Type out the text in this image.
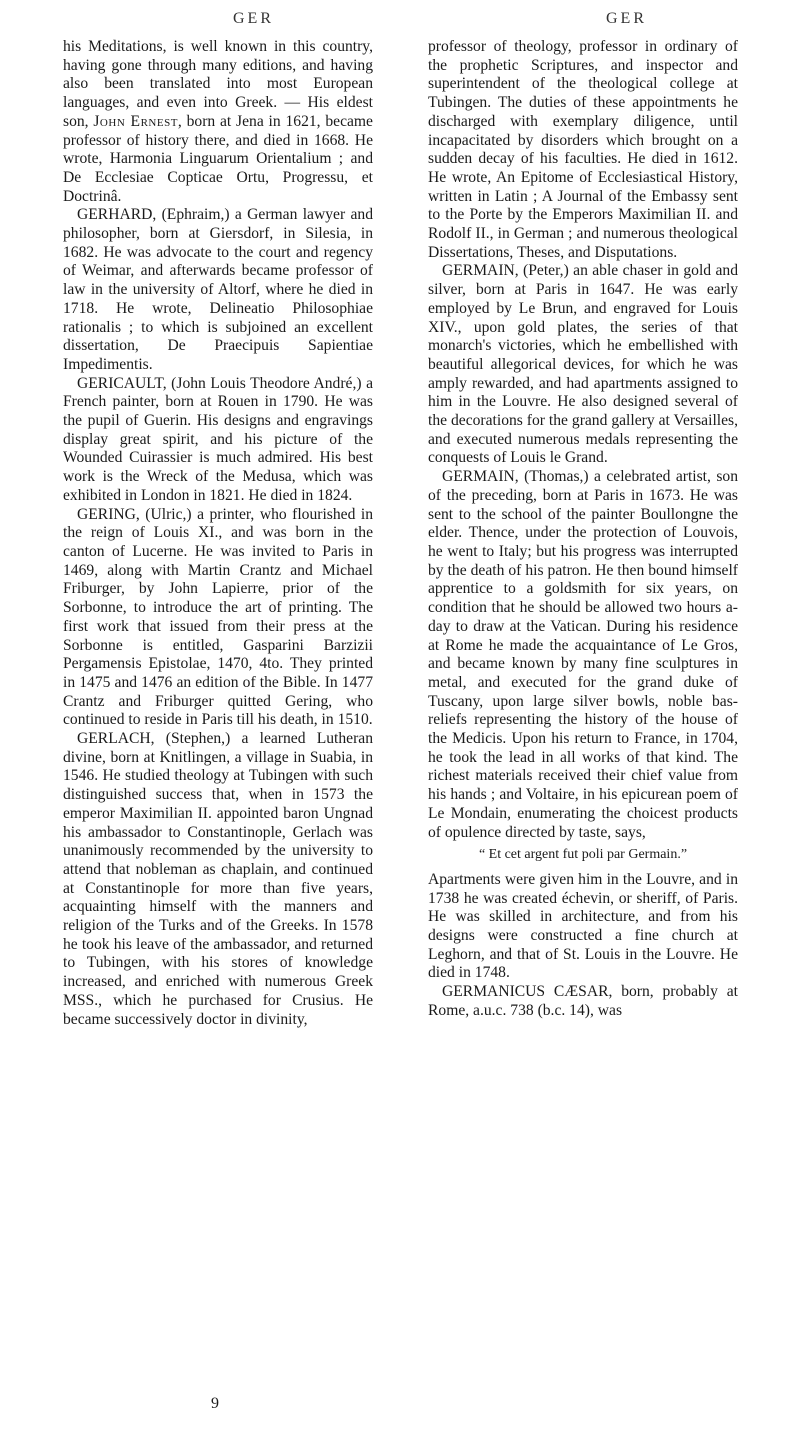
GER	GER

his Meditations, is well known in this country, having gone through many editions, and having also been translated into most European languages, and even into Greek. — His eldest son, John Ernest, born at Jena in 1621, became professor of history there, and died in 1668. He wrote, Harmonia Linguarum Orientalium ; and De Ecclesiae Copticae Ortu, Progressu, et Doctrinâ.

GERHARD, (Ephraim,) a German lawyer and philosopher, born at Giersdorf, in Silesia, in 1682. He was advocate to the court and regency of Weimar, and afterwards became professor of law in the university of Altorf, where he died in 1718. He wrote, Delineatio Philosophiae rationalis ; to which is subjoined an excellent dissertation, De Praecipuis Sapientiae Impedimentis.

GERICAULT, (John Louis Theodore André,) a French painter, born at Rouen in 1790. He was the pupil of Guerin. His designs and engravings display great spirit, and his picture of the Wounded Cuirassier is much admired. His best work is the Wreck of the Medusa, which was exhibited in London in 1821. He died in 1824.

GERING, (Ulric,) a printer, who flourished in the reign of Louis XI., and was born in the canton of Lucerne. He was invited to Paris in 1469, along with Martin Crantz and Michael Friburger, by John Lapierre, prior of the Sorbonne, to introduce the art of printing. The first work that issued from their press at the Sorbonne is entitled, Gasparini Barzizii Pergamensis Epistolae, 1470, 4to. They printed in 1475 and 1476 an edition of the Bible. In 1477 Crantz and Friburger quitted Gering, who continued to reside in Paris till his death, in 1510.

GERLACH, (Stephen,) a learned Lutheran divine, born at Knitlingen, a village in Suabia, in 1546. He studied theology at Tubingen with such distinguished success that, when in 1573 the emperor Maximilian II. appointed baron Ungnad his ambassador to Constantinople, Gerlach was unanimously recommended by the university to attend that nobleman as chaplain, and continued at Constantinople for more than five years, acquainting himself with the manners and religion of the Turks and of the Greeks. In 1578 he took his leave of the ambassador, and returned to Tubingen, with his stores of knowledge increased, and enriched with numerous Greek MSS., which he purchased for Crusius. He became successively doctor in divinity,

professor of theology, professor in ordinary of the prophetic Scriptures, and inspector and superintendent of the theological college at Tubingen. The duties of these appointments he discharged with exemplary diligence, until incapacitated by disorders which brought on a sudden decay of his faculties. He died in 1612. He wrote, An Epitome of Ecclesiastical History, written in Latin ; A Journal of the Embassy sent to the Porte by the Emperors Maximilian II. and Rodolf II., in German ; and numerous theological Dissertations, Theses, and Disputations.

GERMAIN, (Peter,) an able chaser in gold and silver, born at Paris in 1647. He was early employed by Le Brun, and engraved for Louis XIV., upon gold plates, the series of that monarch's victories, which he embellished with beautiful allegorical devices, for which he was amply rewarded, and had apartments assigned to him in the Louvre. He also designed several of the decorations for the grand gallery at Versailles, and executed numerous medals representing the conquests of Louis le Grand.

GERMAIN, (Thomas,) a celebrated artist, son of the preceding, born at Paris in 1673. He was sent to the school of the painter Boullongne the elder. Thence, under the protection of Louvois, he went to Italy; but his progress was interrupted by the death of his patron. He then bound himself apprentice to a goldsmith for six years, on condition that he should be allowed two hours a-day to draw at the Vatican. During his residence at Rome he made the acquaintance of Le Gros, and became known by many fine sculptures in metal, and executed for the grand duke of Tuscany, upon large silver bowls, noble bas-reliefs representing the history of the house of the Medicis. Upon his return to France, in 1704, he took the lead in all works of that kind. The richest materials received their chief value from his hands ; and Voltaire, in his epicurean poem of Le Mondain, enumerating the choicest products of opulence directed by taste, says,

“ Et cet argent fut poli par Germain.”

Apartments were given him in the Louvre, and in 1738 he was created échevin, or sheriff, of Paris. He was skilled in architecture, and from his designs were constructed a fine church at Leghorn, and that of St. Louis in the Louvre. He died in 1748.

GERMANICUS CÆSAR, born, probably at Rome, a.u.c. 738 (b.c. 14), was

9
